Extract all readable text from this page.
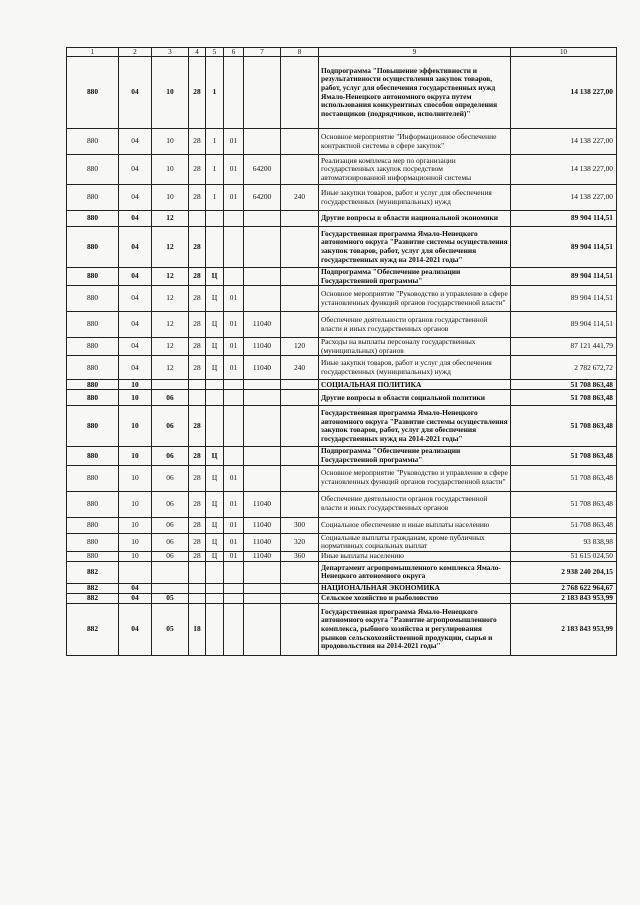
1	2	3	4	5	6	7	8	9	10
880	04	10	28	1				Подпрограмма "Повышение эффективности и результативности осуществления закупок товаров, работ, услуг для обеспечения государственных нужд Ямало-Ненецкого автономного округа путем использования конкурентных способов определения поставщиков (подрядчиков, исполнителей)"	14 138 227,00
880	04	10	28	1	01			Основное мероприятие "Информационное обеспечение контрактной системы в сфере закупок"	14 138 227,00
880	04	10	28	1	01	64200		Реализация комплекса мер по организации государственных закупок посредством автоматизированной информационной системы	14 138 227,00
880	04	10	28	1	01	64200	240	Иные закупки товаров, работ и услуг для обеспечения государственных (муниципальных) нужд	14 138 227,00
880	04	12						Другие вопросы в области национальной экономики	89 904 114,51
880	04	12	28					Государственная программа Ямало-Ненецкого автономного округа "Развитие системы осуществления закупок товаров, работ, услуг для обеспечения государственных нужд на 2014-2021 годы"	89 904 114,51
880	04	12	28	Ц				Подпрограмма "Обеспечение реализации Государственной программы"	89 904 114,51
880	04	12	28	Ц	01			Основное мероприятие "Руководство и управление в сфере установленных функций органов государственной власти"	89 904 114,51
880	04	12	28	Ц	01	11040		Обеспечение деятельности органов государственной власти и иных государственных органов	89 904 114,51
880	04	12	28	Ц	01	11040	120	Расходы на выплаты персоналу государственных (муниципальных) органов	87 121 441,79
880	04	12	28	Ц	01	11040	240	Иные закупки товаров, работ и услуг для обеспечения государственных (муниципальных) нужд	2 782 672,72
880	10							СОЦИАЛЬНАЯ ПОЛИТИКА	51 708 863,48
880	10	06						Другие вопросы в области социальной политики	51 708 863,48
880	10	06	28					Государственная программа Ямало-Ненецкого автономного округа "Развитие системы осуществления закупок товаров, работ, услуг для обеспечения государственных нужд на 2014-2021 годы"	51 708 863,48
880	10	06	28	Ц				Подпрограмма "Обеспечение реализации Государственной программы"	51 708 863,48
880	10	06	28	Ц	01			Основное мероприятие "Руководство и управление в сфере установленных функций органов государственной власти"	51 708 863,48
880	10	06	28	Ц	01	11040		Обеспечение деятельности органов государственной власти и иных государственных органов	51 708 863,48
880	10	06	28	Ц	01	11040	300	Социальное обеспечение и иные выплаты населению	51 708 863,48
880	10	06	28	Ц	01	11040	320	Социальные выплаты гражданам, кроме публичных нормативных социальных выплат	93 838,98
880	10	06	28	Ц	01	11040	360	Иные выплаты населению	51 615 024,50
882								Департамент агропромышленного комплекса Ямало-Ненецкого автономного округа	2 938 240 204,15
882	04							НАЦИОНАЛЬНАЯ ЭКОНОМИКА	2 768 622 964,67
882	04	05						Сельское хозяйство и рыболовство	2 183 843 953,99
882	04	05	18					Государственная программа Ямало-Ненецкого автономного округа "Развитие агропромышленного комплекса, рыбного хозяйства и регулирования рынков сельскохозяйственной продукции, сырья и продовольствия на 2014-2021 годы"	2 183 843 953,99
